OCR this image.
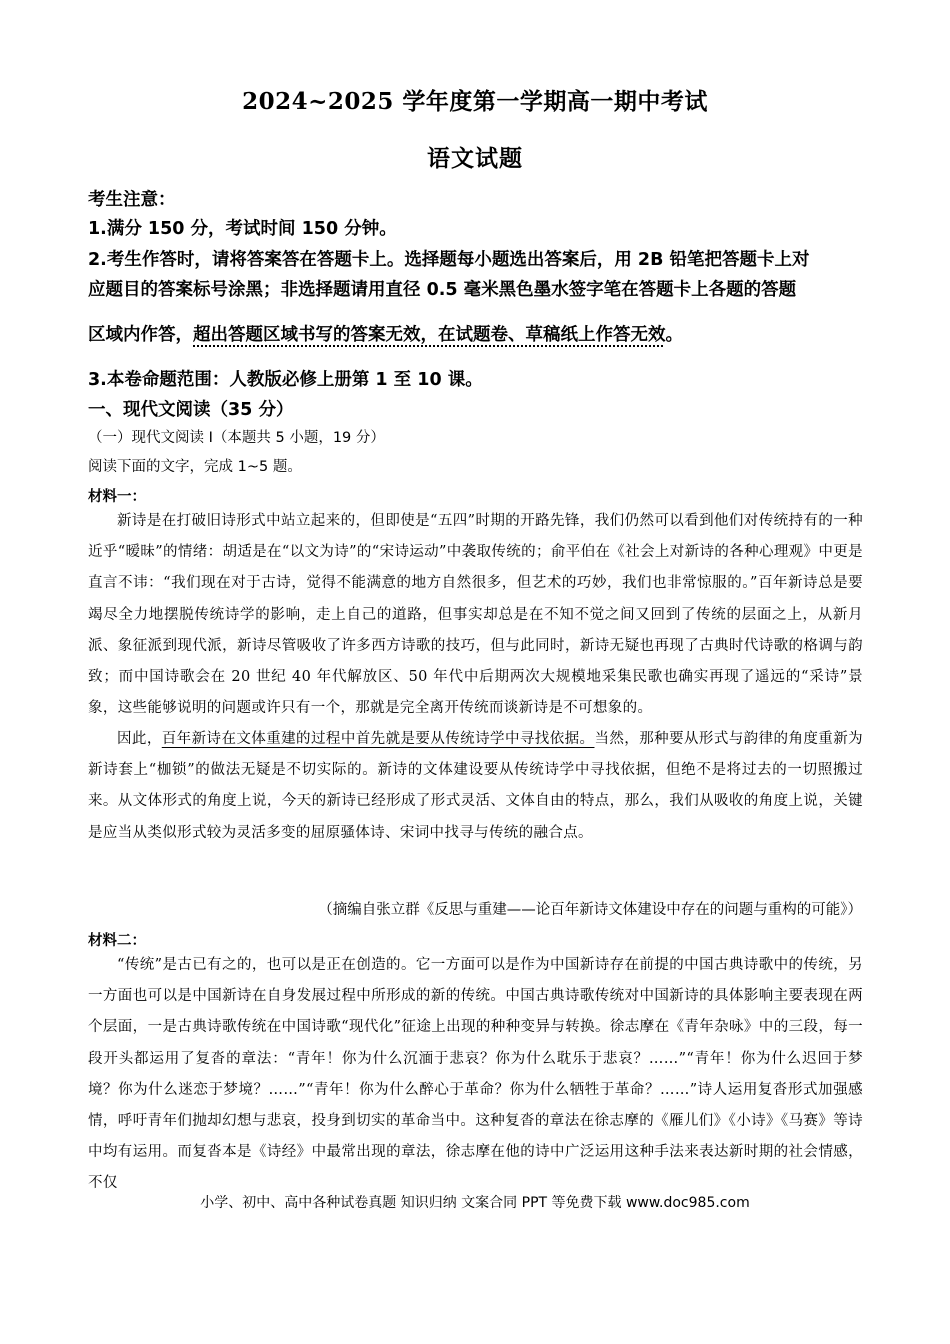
2024~2025 学年度第一学期高一期中考试
语文试题
考生注意：
1.满分 150 分，考试时间 150 分钟。
2.考生作答时，请将答案答在答题卡上。选择题每小题选出答案后，用 2B 铅笔把答题卡上对
应题目的答案标号涂黑；非选择题请用直径 0.5 毫米黑色墨水签字笔在答题卡上各题的答题
区域内作答，超出答题区域书写的答案无效，在试题卷、草稿纸上作答无效。
3.本卷命题范围：人教版必修上册第 1 至 10 课。
一、现代文阅读（35 分）
（一）现代文阅读 Ⅰ（本题共 5 小题，19 分）
阅读下面的文字，完成 1~5 题。
材料一：
新诗是在打破旧诗形式中站立起来的，但即使是“五四”时期的开路先锋，我们仍然可以看到他们对传统持有的一种近乎“暧昧”的情绪：胡适是在“以文为诗”的“宋诗运动”中袭取传统的；俞平伯在《社会上对新诗的各种心理观》中更是直言不讳：“我们现在对于古诗，觉得不能满意的地方自然很多，但艺术的巧妙，我们也非常惊服的。”百年新诗总是要竭尽全力地摆脱传统诗学的影响，走上自己的道路，但事实却总是在不知不觉之间又回到了传统的层面之上，从新月派、象征派到现代派，新诗尽管吸收了许多西方诗歌的技巧，但与此同时，新诗无疑也再现了古典时代诗歌的格调与韵致；而中国诗歌会在 20 世纪 40 年代解放区、50 年代中后期两次大规模地采集民歌也确实再现了遥远的“采诗”景象，这些能够说明的问题或许只有一个，那就是完全离开传统而谈新诗是不可想象的。
因此，百年新诗在文体重建的过程中首先就是要从传统诗学中寻找依据。当然，那种要从形式与韵律的角度重新为新诗套上“枷锁”的做法无疑是不切实际的。新诗的文体建设要从传统诗学中寻找依据，但绝不是将过去的一切照搬过来。从文体形式的角度上说，今天的新诗已经形成了形式灵活、文体自由的特点，那么，我们从吸收的角度上说，关键是应当从类似形式较为灵活多变的屈原骚体诗、宋词中找寻与传统的融合点。
（摘编自张立群《反思与重建——论百年新诗文体建设中存在的问题与重构的可能》）
材料二：
“传统”是古已有之的，也可以是正在创造的。它一方面可以是作为中国新诗存在前提的中国古典诗歌中的传统，另一方面也可以是中国新诗在自身发展过程中所形成的新的传统。中国古典诗歌传统对中国新诗的具体影响主要表现在两个层面，一是古典诗歌传统在中国诗歌“现代化”征途上出现的种种变异与转换。徐志摩在《青年杂咏》中的三段，每一段开头都运用了复沓的章法：“青年！你为什么沉湎于悲哀？你为什么耽乐于悲哀？……”“青年！你为什么迟回于梦境？你为什么迷恋于梦境？……”“青年！你为什么醉心于革命？你为什么牺牲于革命？……”诗人运用复沓形式加强感情，呼吁青年们抛却幻想与悲哀，投身到切实的革命当中。这种复沓的章法在徐志摩的《雁儿们》《小诗》《马赛》等诗中均有运用。而复沓本是《诗经》中最常出现的章法，徐志摩在他的诗中广泛运用这种手法来表达新时期的社会情感，不仅
小学、初中、高中各种试卷真题 知识归纳 文案合同 PPT 等免费下载 www.doc985.com
